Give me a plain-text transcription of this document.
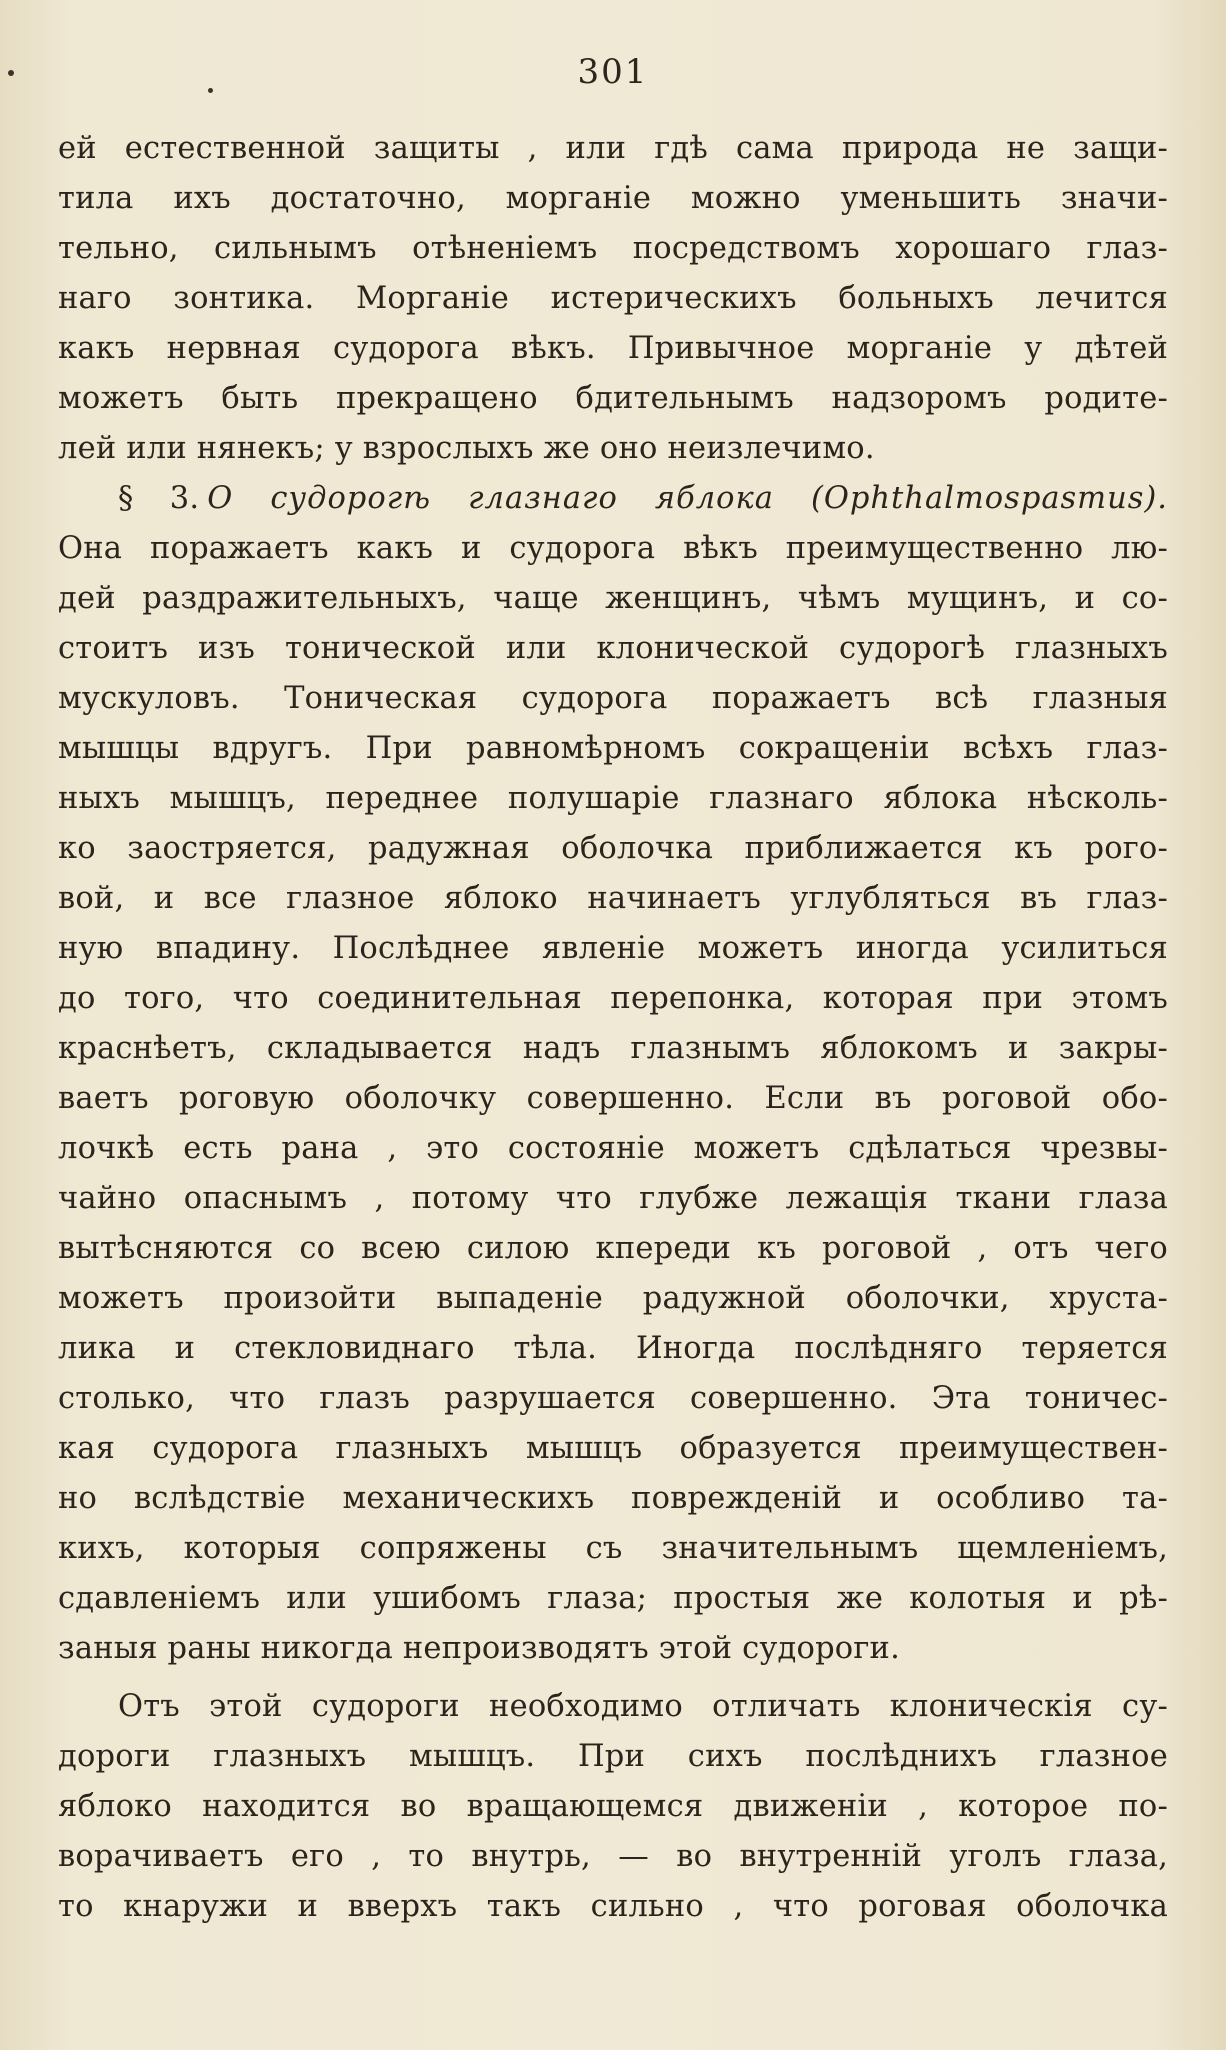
301
ей естественной защиты , или гдѣ сама природа не защи-
тила ихъ достаточно, морганіе можно уменьшить значи-
тельно, сильнымъ отѣненіемъ посредствомъ хорошаго глаз-
наго зонтика. Морганіе истерическихъ больныхъ лечится
какъ нервная судорога вѣкъ. Привычное морганіе у дѣтей
можетъ быть прекращено бдительнымъ надзоромъ родите-
лей или нянекъ; у взрослыхъ же оно неизлечимо.
§ 3. О судорогѣ глазнаго яблока (Ophthalmospasmus).
Она поражаетъ какъ и судорога вѣкъ преимущественно лю-
дей раздражительныхъ, чаще женщинъ, чѣмъ мущинъ, и со-
стоитъ изъ тонической или клонической судорогѣ глазныхъ
мускуловъ. Тоническая судорога поражаетъ всѣ глазныя
мышцы вдругъ. При равномѣрномъ сокращеніи всѣхъ глаз-
ныхъ мышцъ, переднее полушаріе глазнаго яблока нѣсколь-
ко заостряется, радужная оболочка приближается къ рого-
вой, и все глазное яблоко начинаетъ углубляться въ глаз-
ную впадину. Послѣднее явленіе можетъ иногда усилиться
до того, что соединительная перепонка, которая при этомъ
краснѣетъ, складывается надъ глазнымъ яблокомъ и закры-
ваетъ роговую оболочку совершенно. Если въ роговой обо-
лочкѣ есть рана , это состояніе можетъ сдѣлаться чрезвы-
чайно опаснымъ , потому что глубже лежащія ткани глаза
вытѣсняются со всею силою кпереди къ роговой , отъ чего
можетъ произойти выпаденіе радужной оболочки, хруста-
лика и стекловиднаго тѣла. Иногда послѣдняго теряется
столько, что глазъ разрушается совершенно. Эта тоничес-
кая судорога глазныхъ мышцъ образуется преимуществен-
но вслѣдствіе механическихъ поврежденій и особливо та-
кихъ, которыя сопряжены съ значительнымъ щемленіемъ,
сдавленіемъ или ушибомъ глаза; простыя же колотыя и рѣ-
заныя раны никогда непроизводятъ этой судороги.
Отъ этой судороги необходимо отличать клоническія су-
дороги глазныхъ мышцъ. При сихъ послѣднихъ глазное
яблоко находится во вращающемся движеніи , которое по-
ворачиваетъ его , то внутрь, — во внутренній уголъ глаза,
то кнаружи и вверхъ такъ сильно , что роговая оболочка
